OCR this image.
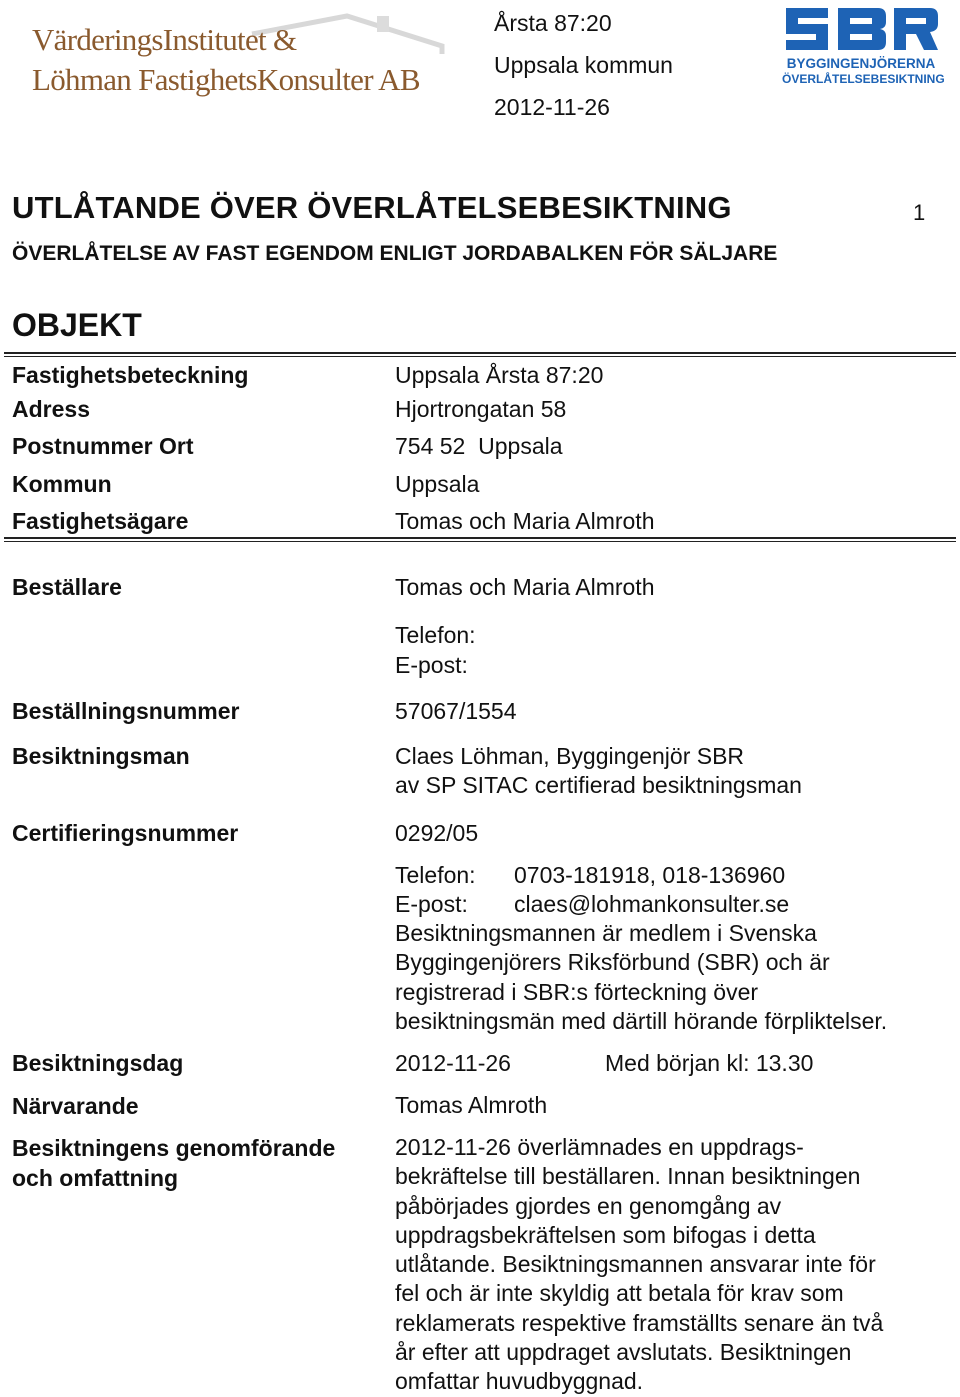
VärderingsInstitutet &
Löhman FastighetsKonsulter AB
Årsta 87:20
Uppsala kommun
2012-11-26
BYGGINGENJÖRERNA
ÖVERLÅTELSEBESIKTNING
UTLÅTANDE ÖVER ÖVERLÅTELSEBESIKTNING	1
ÖVERLÅTELSE AV FAST EGENDOM ENLIGT JORDABALKEN FÖR SÄLJARE
OBJEKT
Fastighetsbeteckning	Uppsala Årsta 87:20
Adress	Hjortrongatan 58
Postnummer Ort	754 52  Uppsala
Kommun	Uppsala
Fastighetsägare	Tomas och Maria Almroth
Beställare	Tomas och Maria Almroth
Telefon:
E-post:
Beställningsnummer	57067/1554
Besiktningsman	Claes Löhman, Byggingenjör SBR
av SP SITAC certifierad besiktningsman
Certifieringsnummer	0292/05
Telefon: 0703-181918, 018-136960
E-post: claes@lohmankonsulter.se
Besiktningsmannen är medlem i Svenska
Byggingenjörers Riksförbund (SBR) och är
registrerad i SBR:s förteckning över
besiktningsmän med därtill hörande förpliktelser.
Besiktningsdag	2012-11-26	Med början kl: 13.30
Närvarande	Tomas Almroth
Besiktningens genomförande
och omfattning
2012-11-26 överlämnades en uppdrags-
bekräftelse till beställaren. Innan besiktningen
påbörjades gjordes en genomgång av
uppdragsbekräftelsen som bifogas i detta
utlåtande. Besiktningsmannen ansvarar inte för
fel och är inte skyldig att betala för krav som
reklamerats respektive framställts senare än två
år efter att uppdraget avslutats. Besiktningen
omfattar huvudbyggnad.
